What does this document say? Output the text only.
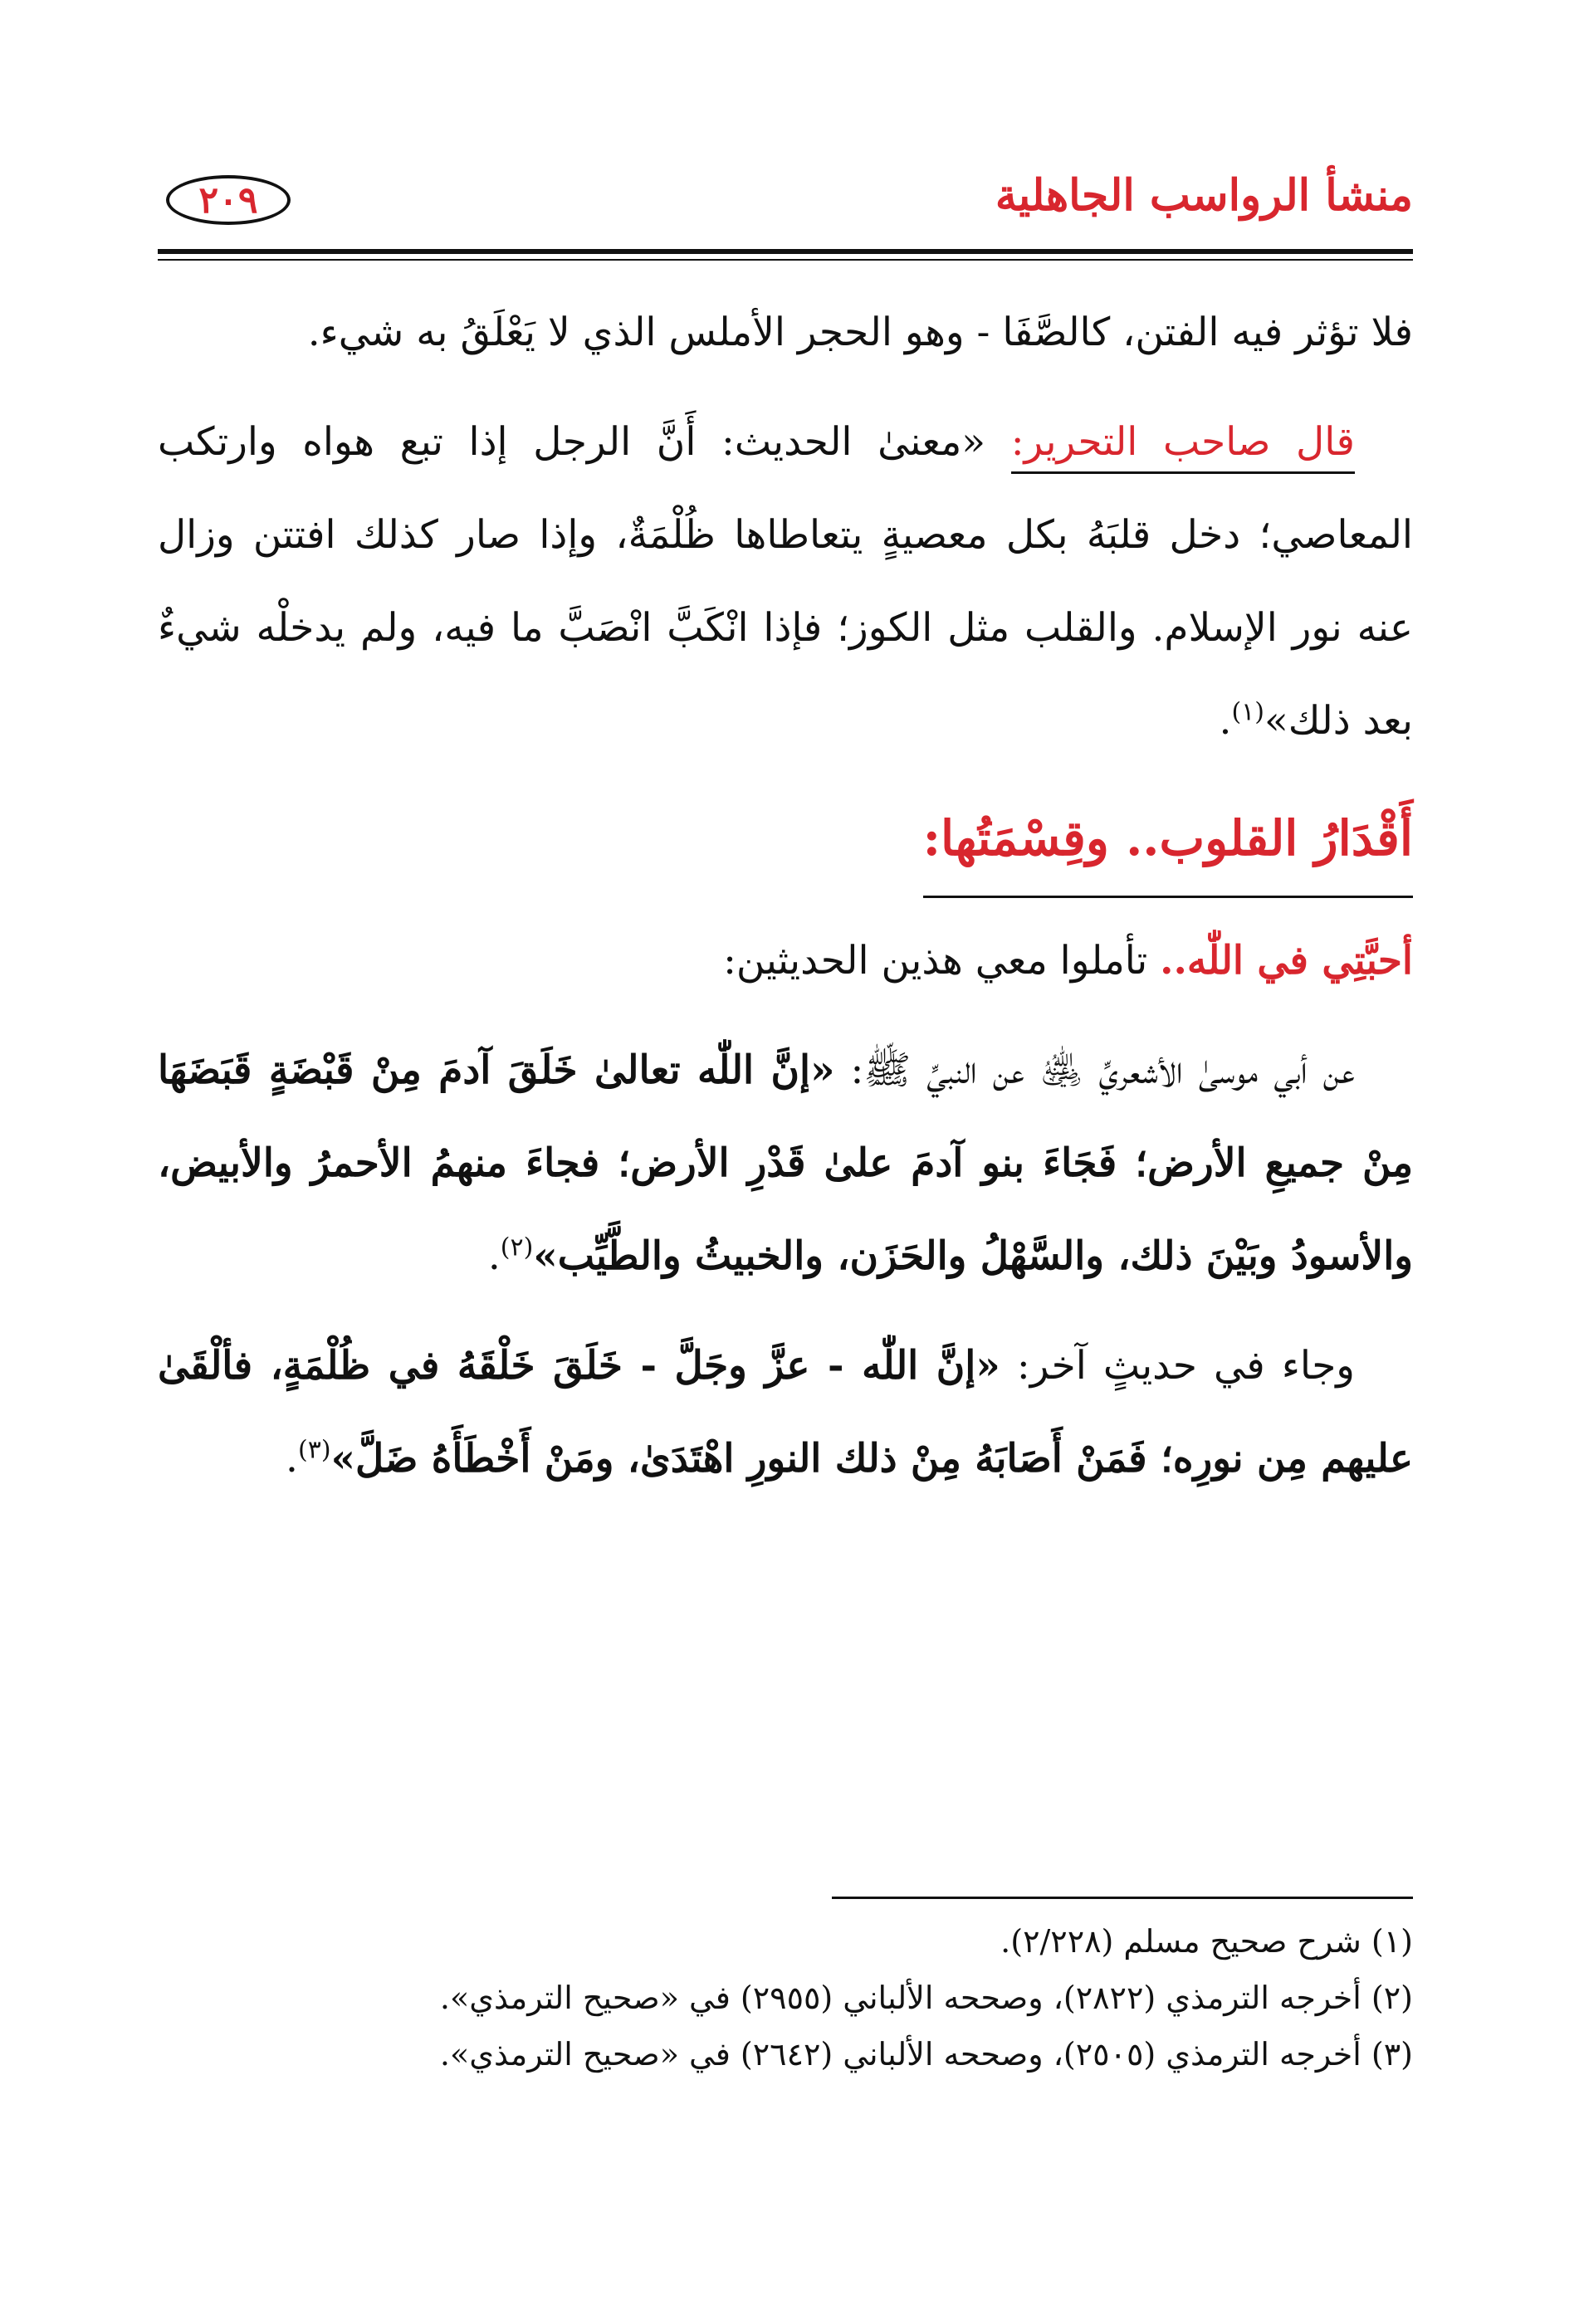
منشأ الرواسب الجاهلية
٢٠٩

فلا تؤثر فيه الفتن، كالصَّفَا - وهو الحجر الأملس الذي لا يَعْلَقُ به شيء.

قال صاحب التحرير: «معنىٰ الحديث: أَنَّ الرجل إذا تبع هواه وارتكب المعاصي؛ دخل قلبَهُ بكل معصيةٍ يتعاطاها ظُلْمَةٌ، وإذا صار كذلك افتتن وزال عنه نور الإسلام. والقلب مثل الكوز؛ فإذا انْكَبَّ انْصَبَّ ما فيه، ولم يدخلْه شيءٌ بعد ذلك»$^{(١)}$.

أَقْدَارُ القلوب.. وقِسْمَتُها:

أحبَّتِي في اللّٰه.. تأملوا معي هذين الحديثين:

عن أبي موسىٰ الأشعريِّ ﵁ عن النبيِّ ﷺ: «إنَّ اللّٰه تعالىٰ خَلَقَ آدمَ مِنْ قَبْضَةٍ قَبَضَهَا مِنْ جميعِ الأرض؛ فَجَاءَ بنو آدمَ علىٰ قَدْرِ الأرض؛ فجاءَ منهمُ الأحمرُ والأبيض، والأسودُ وبَيْنَ ذلك، والسَّهْلُ والحَزَن، والخبيثُ والطَّيِّب»$^{(٢)}$.

وجاء في حديثٍ آخر: «إنَّ اللّٰه - عزَّ وجَلَّ - خَلَقَ خَلْقَهُ في ظُلْمَةٍ، فألْقَىٰ عليهم مِن نورِه؛ فَمَنْ أَصَابَهُ مِنْ ذلك النورِ اهْتَدَىٰ، ومَنْ أَخْطَأَهُ ضَلَّ»$^{(٣)}$.

(١) شرح صحيح مسلم (٢/٢٢٨).

(٢) أخرجه الترمذي (٢٨٢٢)، وصححه الألباني (٢٩٥٥) في «صحيح الترمذي».

(٣) أخرجه الترمذي (٢٥٠٥)، وصححه الألباني (٢٦٤٢) في «صحيح الترمذي».
